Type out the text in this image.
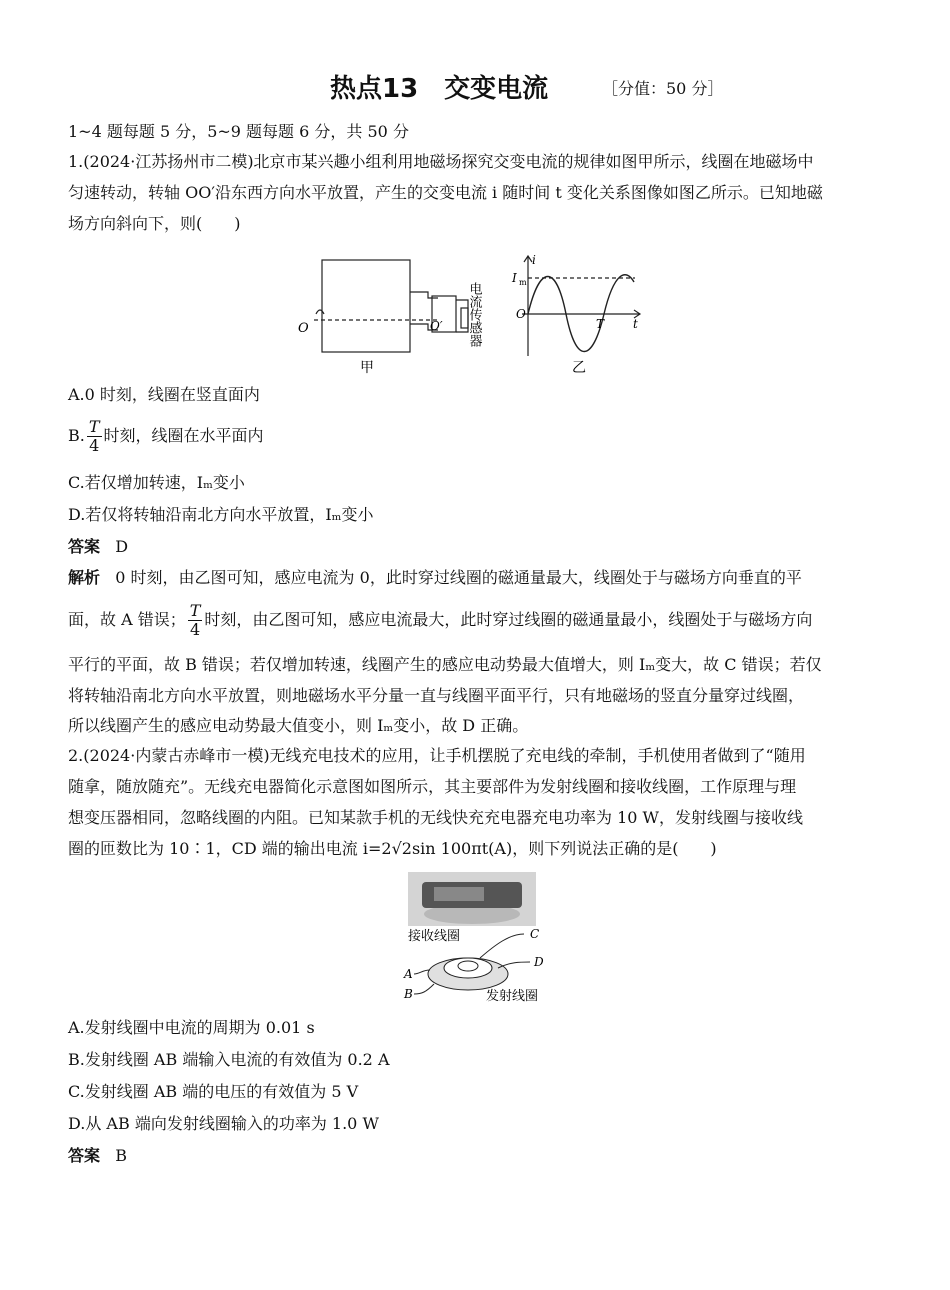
热点13　交变电流	［分值：50 分］
1~4 题每题 5 分，5~9 题每题 6 分，共 50 分
1.(2024·江苏扬州市二模)北京市某兴趣小组利用地磁场探究交变电流的规律如图甲所示，线圈在地磁场中
匀速转动，转轴 OO′沿东西方向水平放置，产生的交变电流 i 随时间 t 变化关系图像如图乙所示。已知地磁
场方向斜向下，则(　　)
O	O′
甲
电流传感器
i
t
I m
O
T
乙
A.0 时刻，线圈在竖直面内
B. $\frac{T}{4}$ 时刻，线圈在水平面内
C.若仅增加转速，Iₘ变小
D.若仅将转轴沿南北方向水平放置，Iₘ变小
答案 D
解析 0 时刻，由乙图可知，感应电流为 0，此时穿过线圈的磁通量最大，线圈处于与磁场方向垂直的平
面，故 A 错误； $\frac{T}{4}$ 时刻，由乙图可知，感应电流最大，此时穿过线圈的磁通量最小，线圈处于与磁场方向
平行的平面，故 B 错误；若仅增加转速，线圈产生的感应电动势最大值增大，则 Iₘ变大，故 C 错误；若仅
将转轴沿南北方向水平放置，则地磁场水平分量一直与线圈平面平行，只有地磁场的竖直分量穿过线圈，
所以线圈产生的感应电动势最大值变小，则 Iₘ变小，故 D 正确。
2.(2024·内蒙古赤峰市一模)无线充电技术的应用，让手机摆脱了充电线的牵制，手机使用者做到了“随用
随拿，随放随充”。无线充电器简化示意图如图所示，其主要部件为发射线圈和接收线圈，工作原理与理
想变压器相同，忽略线圈的内阻。已知某款手机的无线快充充电器充电功率为 10 W，发射线圈与接收线
圈的匝数比为 10∶1，CD 端的输出电流 i=2√2sin 100πt(A)，则下列说法正确的是(　　)
接收线圈	C
D
A
B	发射线圈
A.发射线圈中电流的周期为 0.01 s
B.发射线圈 AB 端输入电流的有效值为 0.2 A
C.发射线圈 AB 端的电压的有效值为 5 V
D.从 AB 端向发射线圈输入的功率为 1.0 W
答案 B
